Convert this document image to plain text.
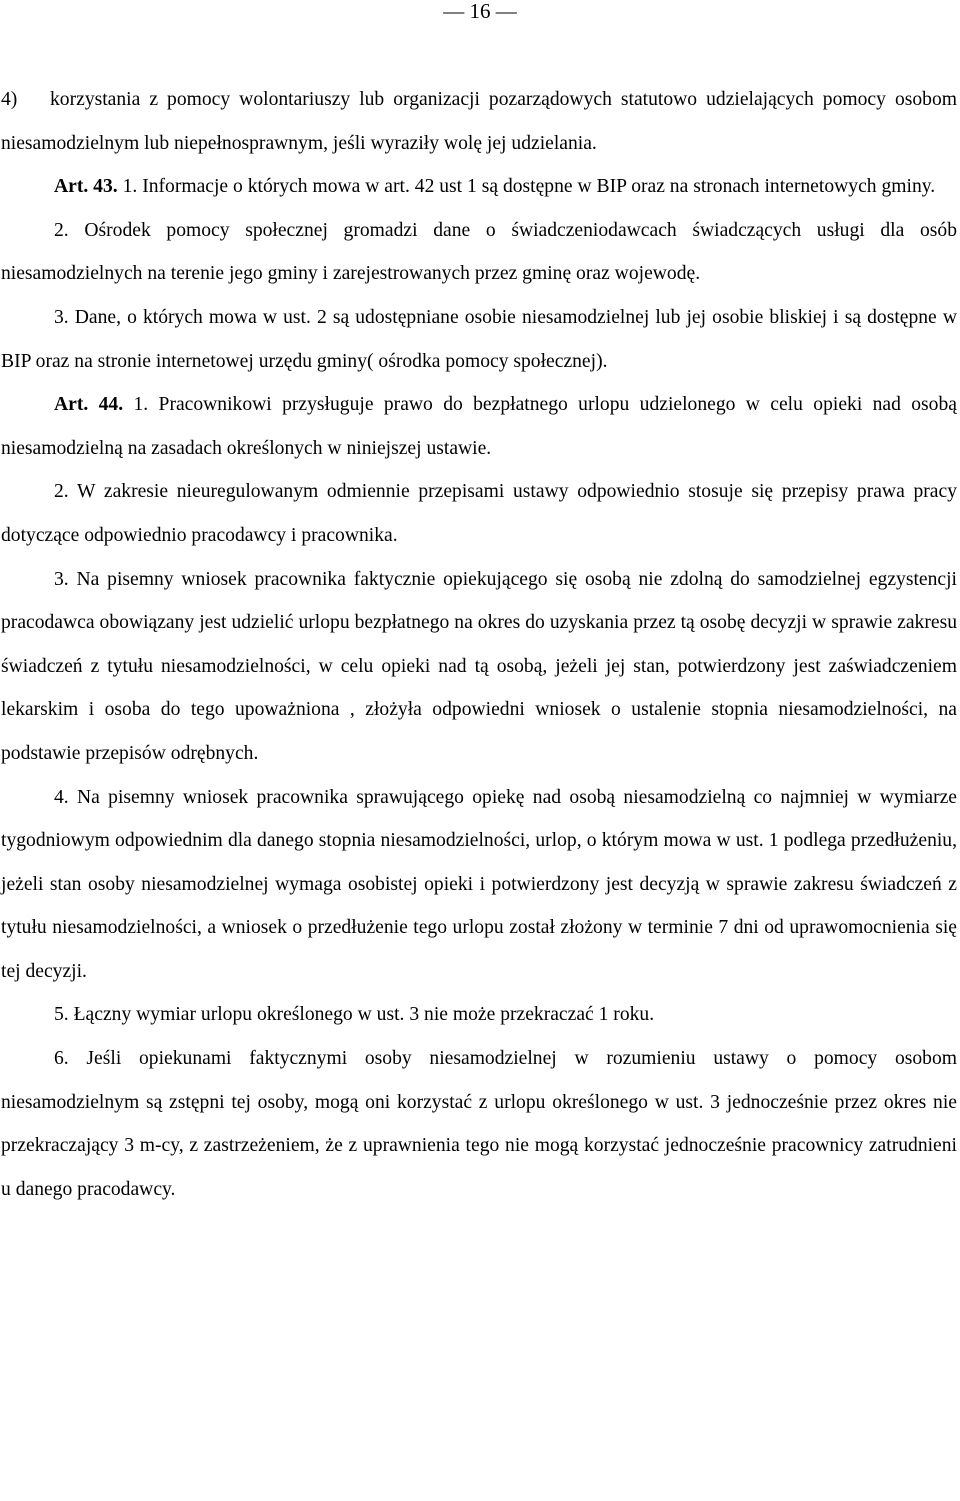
— 16 —

4) korzystania z pomocy wolontariuszy lub organizacji pozarządowych statutowo udzielających pomocy osobom niesamodzielnym lub niepełnosprawnym, jeśli wyraziły wolę jej udzielania.

Art. 43. 1. Informacje o których mowa w art. 42 ust 1 są dostępne w BIP oraz na stronach internetowych gminy.

2. Ośrodek pomocy społecznej gromadzi dane o świadczeniodawcach świadczących usługi dla osób niesamodzielnych na terenie jego gminy i zarejestrowanych przez gminę oraz wojewodę.

3. Dane, o których mowa w ust. 2 są udostępniane osobie niesamodzielnej lub jej osobie bliskiej i są dostępne w BIP oraz na stronie internetowej urzędu gminy( ośrodka pomocy społecznej).

Art. 44. 1. Pracownikowi przysługuje prawo do bezpłatnego urlopu udzielonego w celu opieki nad osobą niesamodzielną na zasadach określonych w niniejszej ustawie.

2. W zakresie nieuregulowanym odmiennie przepisami ustawy odpowiednio stosuje się przepisy prawa pracy dotyczące odpowiednio pracodawcy i pracownika.

3. Na pisemny wniosek pracownika faktycznie opiekującego się osobą nie zdolną do samodzielnej egzystencji pracodawca obowiązany jest udzielić urlopu bezpłatnego na okres do uzyskania przez tą osobę decyzji w sprawie zakresu świadczeń z tytułu niesamodzielności, w celu opieki nad tą osobą, jeżeli jej stan, potwierdzony jest zaświadczeniem lekarskim i osoba do tego upoważniona , złożyła odpowiedni wniosek o ustalenie stopnia niesamodzielności, na podstawie przepisów odrębnych.

4. Na pisemny wniosek pracownika sprawującego opiekę nad osobą niesamodzielną co najmniej w wymiarze tygodniowym odpowiednim dla danego stopnia niesamodzielności, urlop, o którym mowa w ust. 1 podlega przedłużeniu, jeżeli stan osoby niesamodzielnej wymaga osobistej opieki i potwierdzony jest decyzją w sprawie zakresu świadczeń z tytułu niesamodzielności, a wniosek o przedłużenie tego urlopu został złożony w terminie 7 dni od uprawomocnienia się tej decyzji.

5. Łączny wymiar urlopu określonego w ust. 3 nie może przekraczać 1 roku.

6. Jeśli opiekunami faktycznymi osoby niesamodzielnej w rozumieniu ustawy o pomocy osobom niesamodzielnym są zstępni tej osoby, mogą oni korzystać z urlopu określonego w ust. 3 jednocześnie przez okres nie przekraczający 3 m-cy, z zastrzeżeniem, że z uprawnienia tego nie mogą korzystać jednocześnie pracownicy zatrudnieni u danego pracodawcy.
